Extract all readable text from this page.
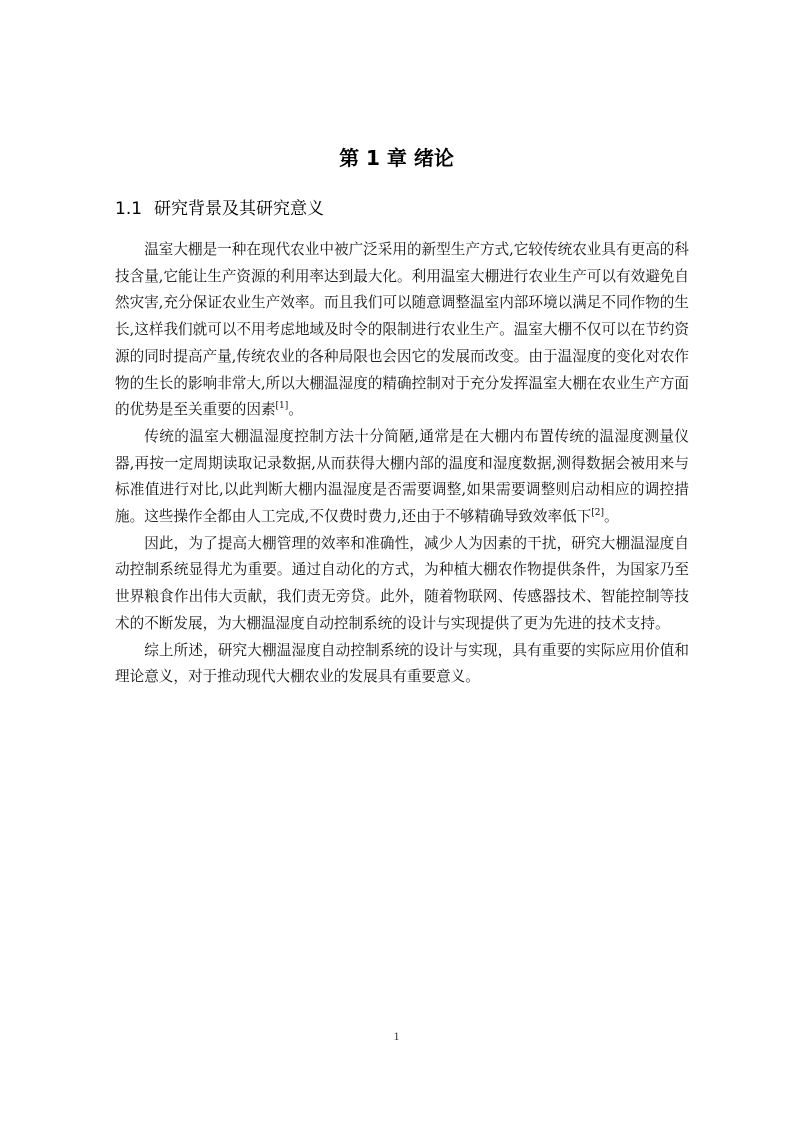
第 1 章 绪论
1.1 研究背景及其研究意义

温室大棚是一种在现代农业中被广泛采用的新型生产方式,它较传统农业具有更高的科技含量,它能让生产资源的利用率达到最大化。利用温室大棚进行农业生产可以有效避免自然灾害,充分保证农业生产效率。而且我们可以随意调整温室内部环境以满足不同作物的生长,这样我们就可以不用考虑地域及时令的限制进行农业生产。温室大棚不仅可以在节约资源的同时提高产量,传统农业的各种局限也会因它的发展而改变。由于温湿度的变化对农作物的生长的影响非常大,所以大棚温湿度的精确控制对于充分发挥温室大棚在农业生产方面的优势是至关重要的因素[1]。

传统的温室大棚温湿度控制方法十分简陋,通常是在大棚内布置传统的温湿度测量仪器,再按一定周期读取记录数据,从而获得大棚内部的温度和湿度数据,测得数据会被用来与标准值进行对比,以此判断大棚内温湿度是否需要调整,如果需要调整则启动相应的调控措施。这些操作全都由人工完成,不仅费时费力,还由于不够精确导致效率低下[2]。

因此，为了提高大棚管理的效率和准确性，减少人为因素的干扰，研究大棚温湿度自动控制系统显得尤为重要。通过自动化的方式，为种植大棚农作物提供条件，为国家乃至世界粮食作出伟大贡献，我们责无旁贷。此外，随着物联网、传感器技术、智能控制等技术的不断发展，为大棚温湿度自动控制系统的设计与实现提供了更为先进的技术支持。

综上所述，研究大棚温湿度自动控制系统的设计与实现，具有重要的实际应用价值和理论意义，对于推动现代大棚农业的发展具有重要意义。

1
